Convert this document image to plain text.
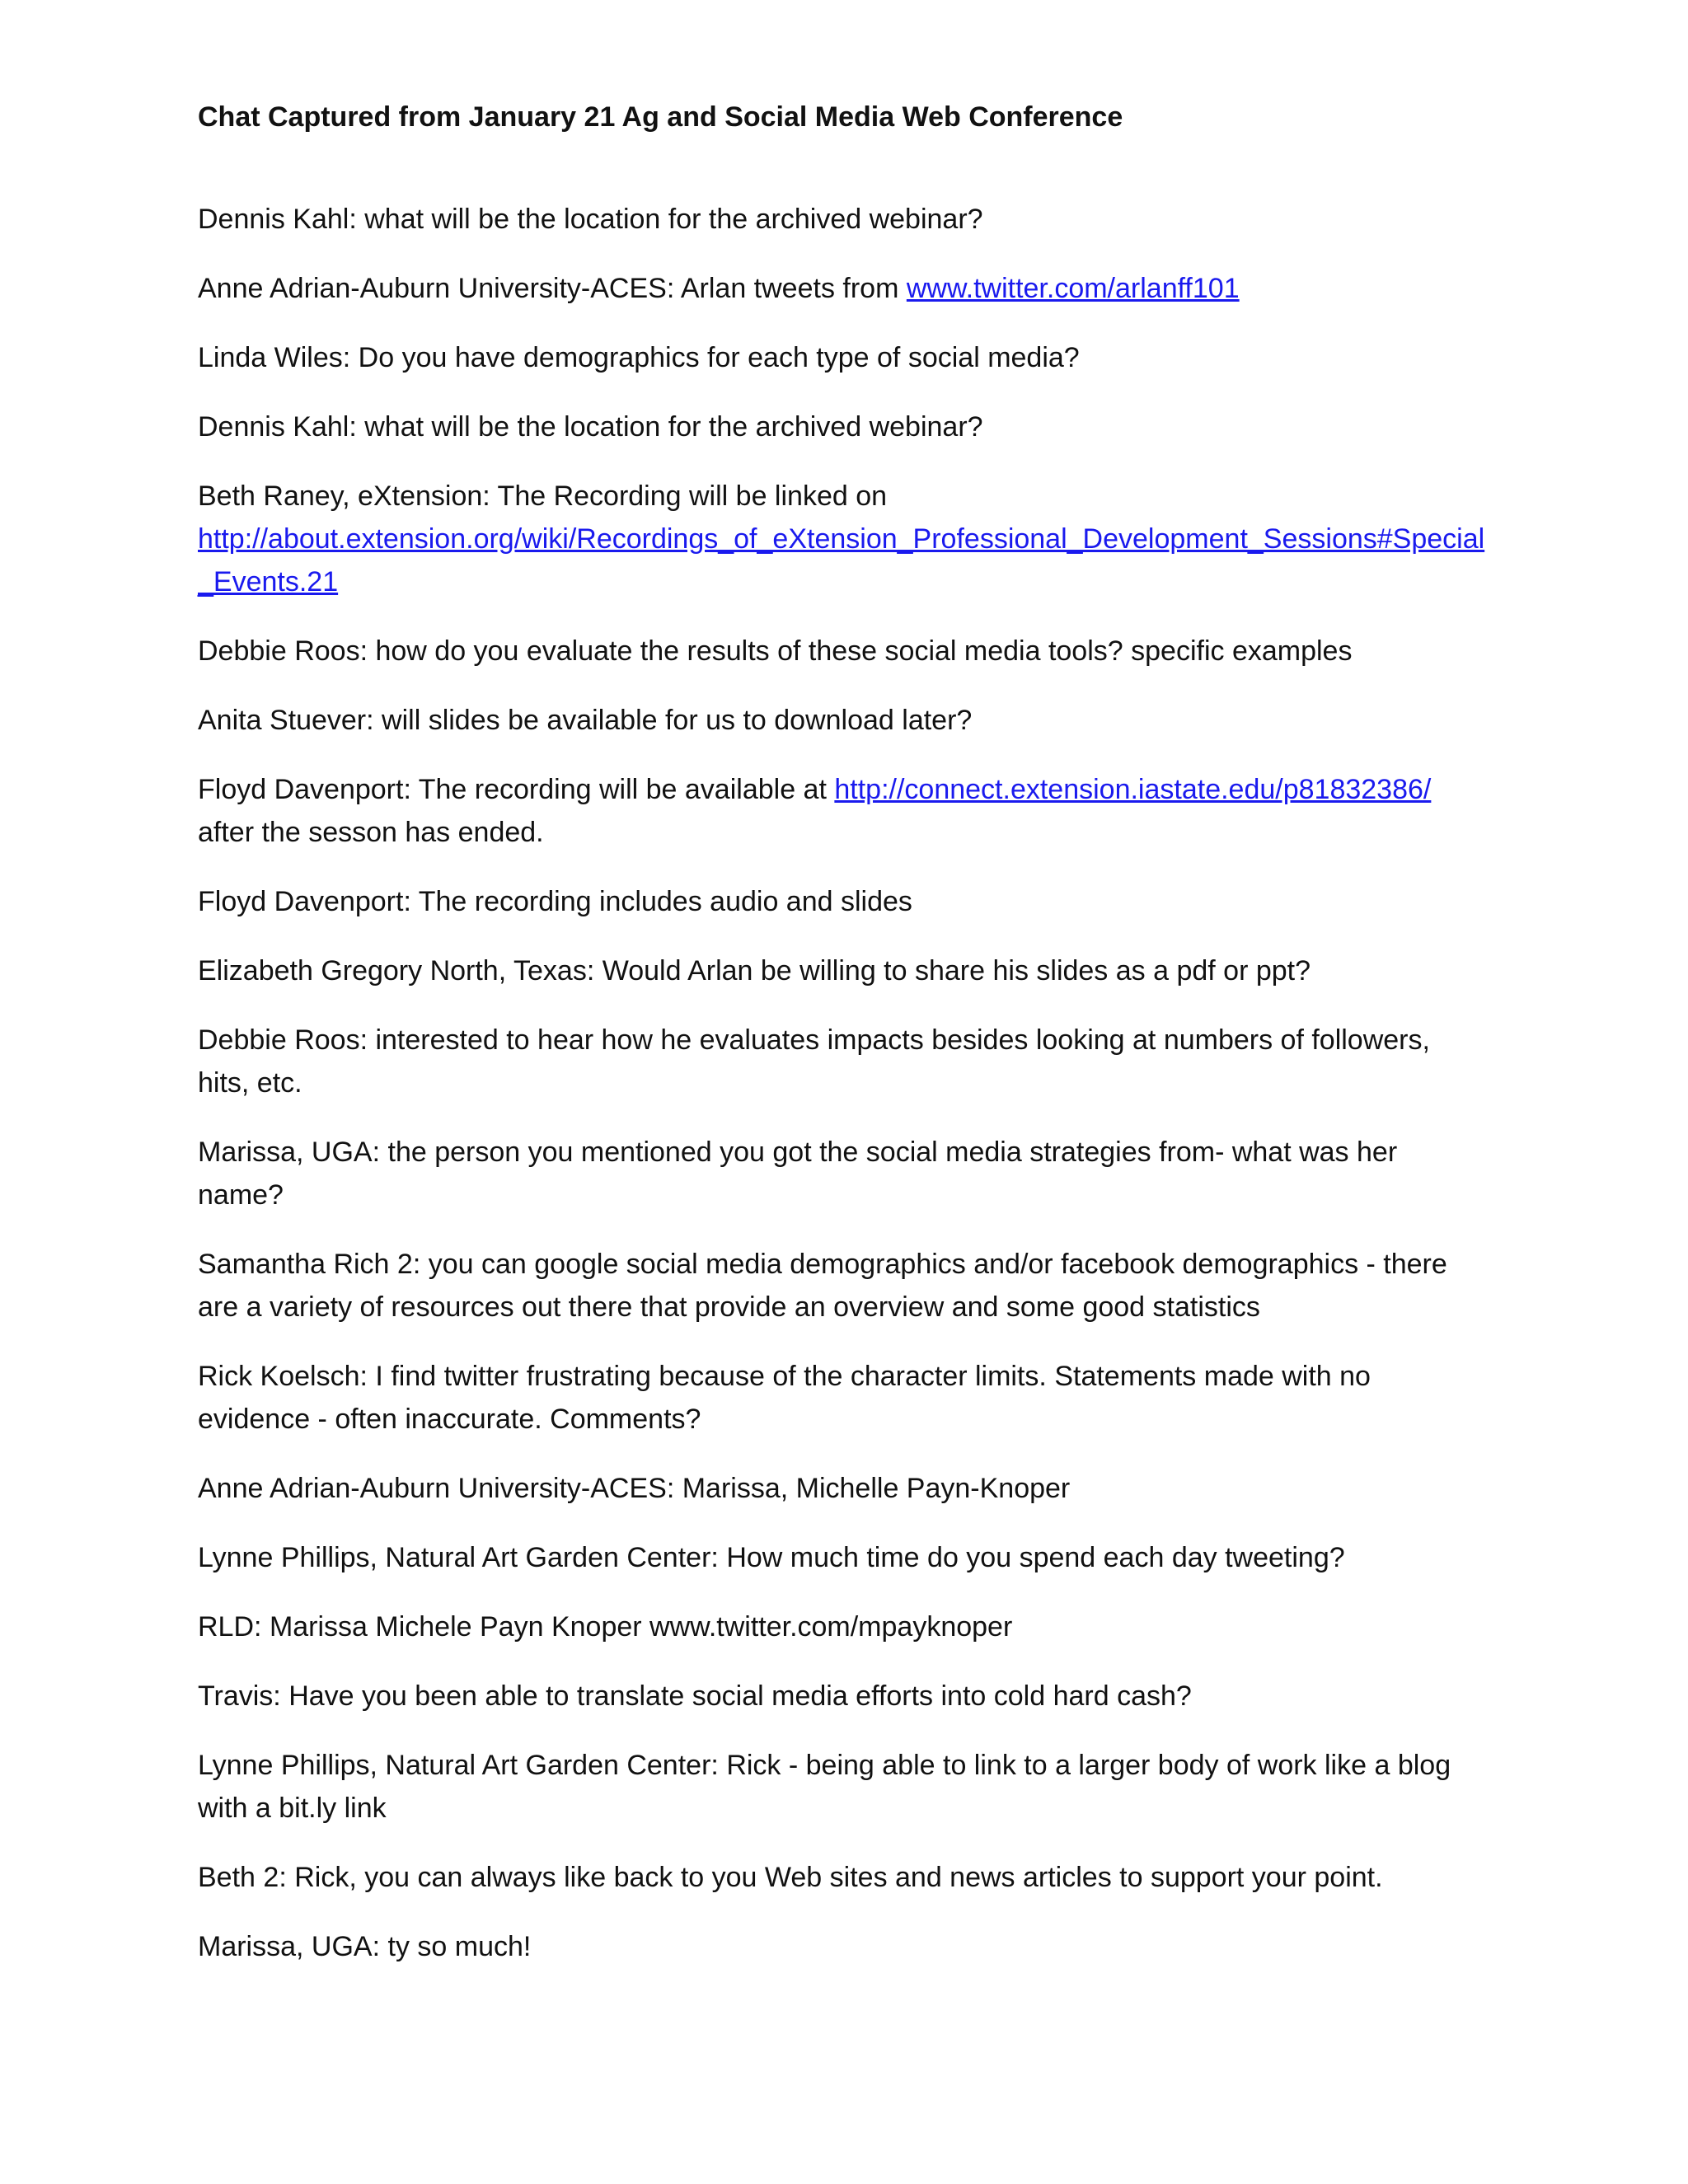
Chat Captured from January 21 Ag and Social Media Web Conference

Dennis Kahl: what will be the location for the archived webinar?

Anne Adrian-Auburn University-ACES: Arlan tweets from www.twitter.com/arlanff101

Linda Wiles: Do you have demographics for each type of social media?

Dennis Kahl: what will be the location for the archived webinar?

Beth Raney, eXtension: The Recording will be linked on http://about.extension.org/wiki/Recordings_of_eXtension_Professional_Development_Sessions#Special_Events.21

Debbie Roos: how do you evaluate the results of these social media tools? specific examples

Anita Stuever: will slides be available for us to download later?

Floyd Davenport: The recording will be available at http://connect.extension.iastate.edu/p81832386/ after the sesson has ended.

Floyd Davenport: The recording includes audio and slides

Elizabeth Gregory North, Texas: Would Arlan be willing to share his slides as a pdf or ppt?

Debbie Roos: interested to hear how he evaluates impacts besides looking at numbers of followers, hits, etc.

Marissa, UGA: the person you mentioned you got the social media strategies from- what was her name?

Samantha Rich 2: you can google social media demographics and/or facebook demographics - there are a variety of resources out there that provide an overview and some good statistics

Rick Koelsch: I find twitter frustrating because of the character limits. Statements made with no evidence - often inaccurate. Comments?

Anne Adrian-Auburn University-ACES: Marissa, Michelle Payn-Knoper

Lynne Phillips, Natural Art Garden Center: How much time do you spend each day tweeting?

RLD: Marissa Michele Payn Knoper www.twitter.com/mpayknoper

Travis: Have you been able to translate social media efforts into cold hard cash?

Lynne Phillips, Natural Art Garden Center: Rick - being able to link to a larger body of work like a blog with a bit.ly link

Beth 2: Rick, you can always like back to you Web sites and news articles to support your point.

Marissa, UGA: ty so much!
